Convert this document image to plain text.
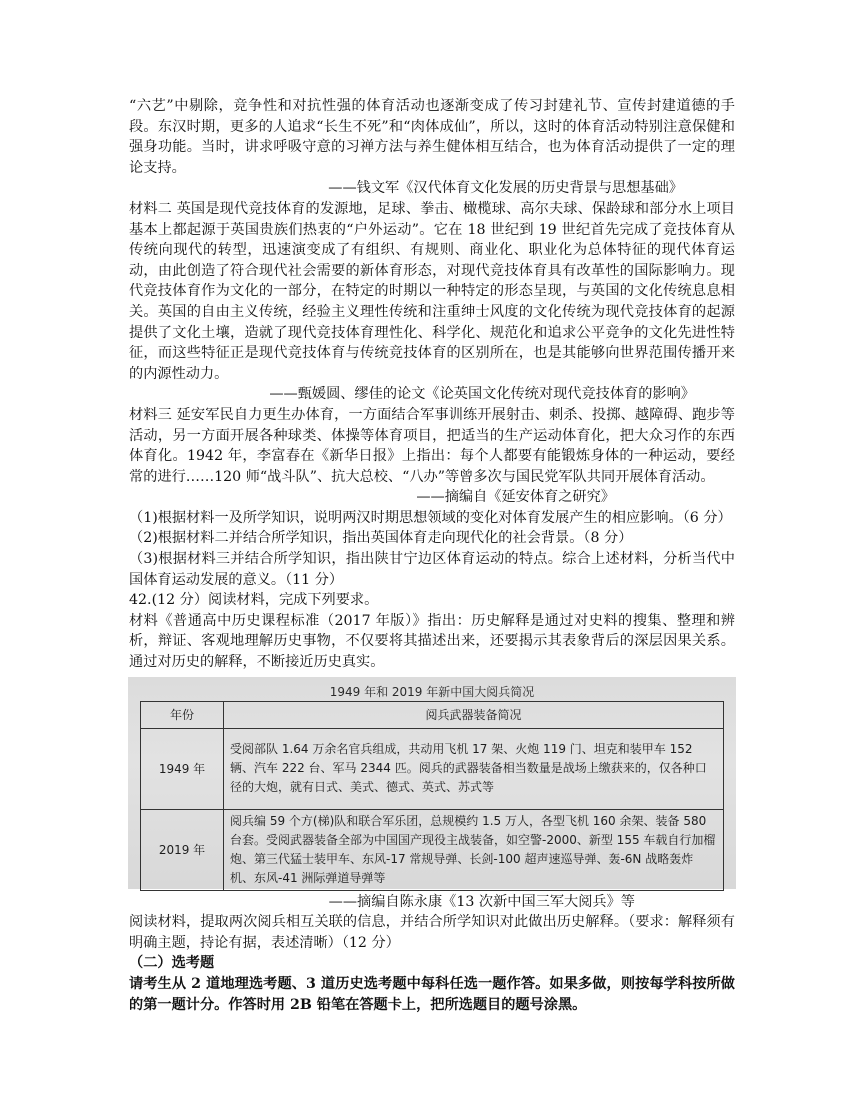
“六艺”中剔除，竞争性和对抗性强的体育活动也逐渐变成了传习封建礼节、宣传封建道德的手段。东汉时期，更多的人追求“长生不死”和“肉体成仙”，所以，这时的体育活动特别注意保健和强身功能。当时，讲求呼吸守意的习禅方法与养生健体相互结合，也为体育活动提供了一定的理论支持。

——钱文军《汉代体育文化发展的历史背景与思想基础》

材料二 英国是现代竞技体育的发源地，足球、拳击、橄榄球、高尔夫球、保龄球和部分水上项目基本上都起源于英国贵族们热衷的“户外运动”。它在 18 世纪到 19 世纪首先完成了竞技体育从传统向现代的转型，迅速演变成了有组织、有规则、商业化、职业化为总体特征的现代体育运动，由此创造了符合现代社会需要的新体育形态，对现代竞技体育具有改革性的国际影响力。现代竞技体育作为文化的一部分，在特定的时期以一种特定的形态呈现，与英国的文化传统息息相关。英国的自由主义传统，经验主义理性传统和注重绅士风度的文化传统为现代竞技体育的起源提供了文化土壤，造就了现代竞技体育理性化、科学化、规范化和追求公平竞争的文化先进性特征，而这些特征正是现代竞技体育与传统竞技体育的区别所在，也是其能够向世界范围传播开来的内源性动力。

——甄媛圆、缪佳的论文《论英国文化传统对现代竞技体育的影响》

材料三 延安军民自力更生办体育，一方面结合军事训练开展射击、刺杀、投掷、越障碍、跑步等活动，另一方面开展各种球类、体操等体育项目，把适当的生产运动体育化，把大众习作的东西体育化。1942 年，李富春在《新华日报》上指出：每个人都要有能锻炼身体的一种运动，要经常的进行……120 师“战斗队”、抗大总校、“八办”等曾多次与国民党军队共同开展体育活动。

——摘编自《延安体育之研究》

（1)根据材料一及所学知识，说明两汉时期思想领域的变化对体育发展产生的相应影响。（6 分）

（2)根据材料二并结合所学知识，指出英国体育走向现代化的社会背景。（8 分）

（3)根据材料三并结合所学知识，指出陕甘宁边区体育运动的特点。综合上述材料，分析当代中国体育运动发展的意义。（11 分）

42.(12 分）阅读材料，完成下列要求。

材料《普通高中历史课程标准（2017 年版）》指出：历史解释是通过对史料的搜集、整理和辨析，辩证、客观地理解历史事物，不仅要将其描述出来，还要揭示其表象背后的深层因果关系。通过对历史的解释，不断接近历史真实。

1949 年和 2019 年新中国大阅兵简况
年份	阅兵武器装备简况
1949 年	受阅部队 1.64 万余名官兵组成，共动用飞机 17 架、火炮 119 门、坦克和装甲车 152 辆、汽车 222 台、军马 2344 匹。阅兵的武器装备相当数量是战场上缴获来的，仅各种口径的大炮，就有日式、美式、德式、英式、苏式等
2019 年	阅兵编 59 个方(梯)队和联合军乐团，总规模约 1.5 万人，各型飞机 160 余架、装备 580 台套。受阅武器装备全部为中国国产现役主战装备，如空警-2000、新型 155 车载自行加榴炮、第三代猛士装甲车、东风-17 常规导弹、长剑-100 超声速巡导弹、轰-6N 战略轰炸机、东风-41 洲际弹道导弹等

——摘编自陈永康《13 次新中国三军大阅兵》等

阅读材料，提取两次阅兵相互关联的信息，并结合所学知识对此做出历史解释。（要求：解释须有明确主题，持论有据，表述清晰）（12 分）

（二）选考题

请考生从 2 道地理选考题、3 道历史选考题中每科任选一题作答。如果多做，则按每学科按所做的第一题计分。作答时用 2B 铅笔在答题卡上，把所选题目的题号涂黑。
